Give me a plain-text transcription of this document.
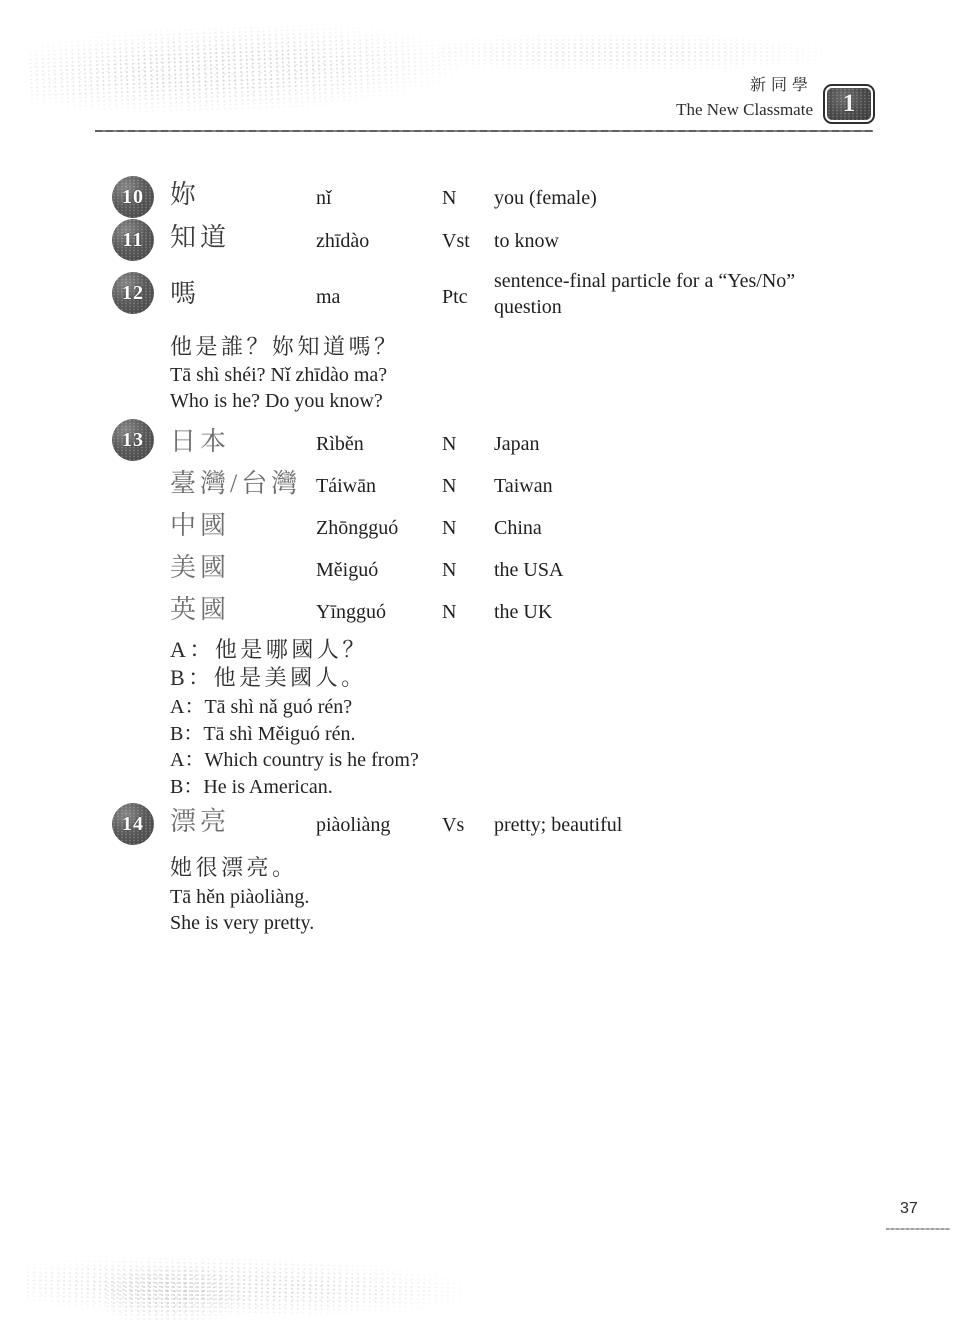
新同學
The New Classmate	1
10	妳	nǐ	N you (female)
11	知道	zhīdào	Vst to know
12	嗎	ma	Ptc
sentence-final particle for a “Yes/No” question
他是誰？妳知道嗎？
Tā shì shéi? Nǐ zhīdào ma?
Who is he? Do you know?
13	日本	Rìběn	N Japan
臺灣/台灣 Táiwān	N Taiwan
中國	Zhōngguó N China
美國	Měiguó	N the USA
英國	Yīngguó	N the UK
A：他是哪國人？
B：他是美國人。
A：Tā shì nǎ guó rén?
B：Tā shì Měiguó rén.
A：Which country is he from?
B：He is American.
14	漂亮	piàoliàng	Vs pretty; beautiful
她很漂亮。
Tā hěn piàoliàng.
She is very pretty.
37
